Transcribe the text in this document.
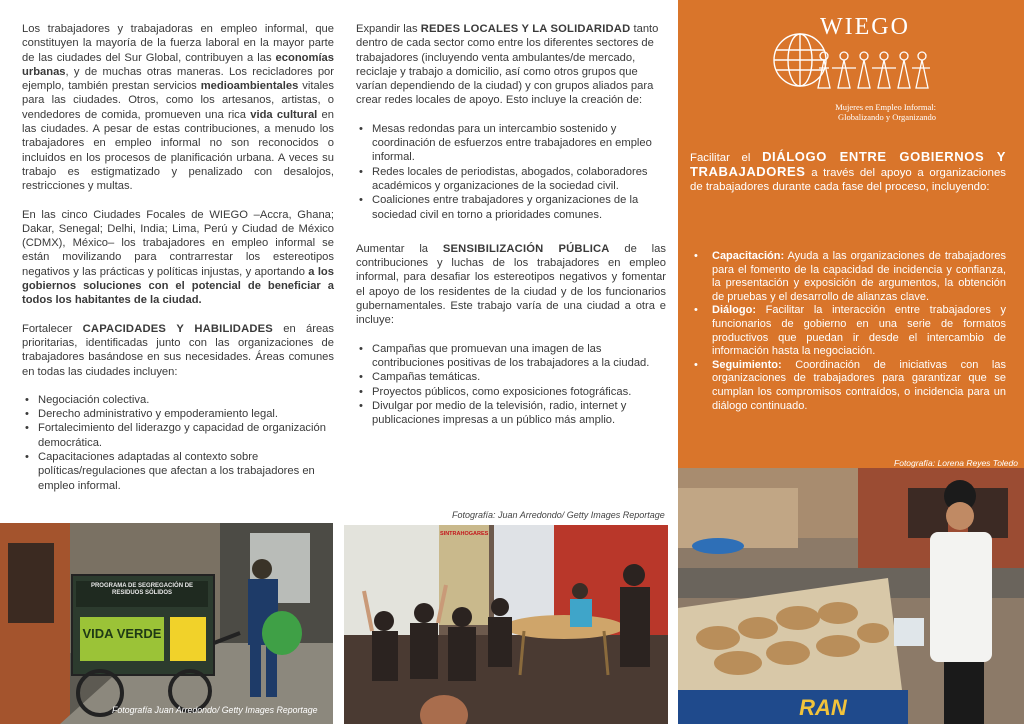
Los trabajadores y trabajadoras en empleo informal, que constituyen la mayoría de la fuerza laboral en la mayor parte de las ciudades del Sur Global, contribuyen a las economías urbanas, y de muchas otras maneras. Los recicladores por ejemplo, también prestan servicios medioambientales vitales para las ciudades. Otros, como los artesanos, artistas, o vendedores de comida, promueven una rica vida cultural en las ciudades. A pesar de estas contribuciones, a menudo los trabajadores en empleo informal no son reconocidos o incluidos en los procesos de planificación urbana. A veces su trabajo es estigmatizado y penalizado con desalojos, restricciones y multas.

En las cinco Ciudades Focales de WIEGO –Accra, Ghana; Dakar, Senegal; Delhi, India; Lima, Perú y Ciudad de México (CDMX), México– los trabajadores en empleo informal se están movilizando para contrarrestar los estereotipos negativos y las prácticas y políticas injustas, y aportando a los gobiernos soluciones con el potencial de beneficiar a todos los habitantes de la ciudad.

Fortalecer CAPACIDADES Y HABILIDADES en áreas prioritarias, identificadas junto con las organizaciones de trabajadores basándose en sus necesidades. Áreas comunes en todas las ciudades incluyen:

• Negociación colectiva.
• Derecho administrativo y empoderamiento legal.
• Fortalecimiento del liderazgo y capacidad de organización democrática.
• Capacitaciones adaptadas al contexto sobre políticas/regulaciones que afectan a los trabajadores en empleo informal.

Expandir las REDES LOCALES Y LA SOLIDARIDAD tanto dentro de cada sector como entre los diferentes sectores de trabajadores (incluyendo venta ambulantes/de mercado, reciclaje y trabajo a domicilio, así como otros grupos que varían dependiendo de la ciudad) y con grupos aliados para crear redes locales de apoyo. Esto incluye la creación de:

• Mesas redondas para un intercambio sostenido y coordinación de esfuerzos entre trabajadores en empleo informal.
• Redes locales de periodistas, abogados, colaboradores académicos y organizaciones de la sociedad civil.
• Coaliciones entre trabajadores y organizaciones de la sociedad civil en torno a prioridades comunes.

Aumentar la SENSIBILIZACIÓN PÚBLICA de las contribuciones y luchas de los trabajadores en empleo informal, para desafiar los estereotipos negativos y fomentar el apoyo de los residentes de la ciudad y de los funcionarios gubernamentales. Este trabajo varía de una ciudad a otra e incluye:

• Campañas que promuevan una imagen de las contribuciones positivas de los trabajadores a la ciudad.
• Campañas temáticas.
• Proyectos públicos, como exposiciones fotográficas.
• Divulgar por medio de la televisión, radio, internet y publicaciones impresas a un público más amplio.
Fotografía: Juan Arredondo/ Getty Images Reportage
WIEGO
Mujeres en Empleo Informal:
Globalizando y Organizando

Facilitar el DIÁLOGO ENTRE GOBIERNOS Y TRABAJADORES a través del apoyo a organizaciones de trabajadores durante cada fase del proceso, incluyendo:

• Capacitación: Ayuda a las organizaciones de trabajadores para el fomento de la capacidad de incidencia y confianza, la presentación y exposición de argumentos, la obtención de pruebas y el desarrollo de alianzas clave.
• Diálogo: Facilitar la interacción entre trabajadores y funcionarios de gobierno en una serie de formatos productivos que puedan ir desde el intercambio de información hasta la negociación.
• Seguimiento: Coordinación de iniciativas con las organizaciones de trabajadores para garantizar que se cumplan los compromisos contraídos, o incidencia para un diálogo continuado.
Fotografía: Lorena Reyes Toledo
PROGRAMA DE SEGREGACIÓN DE RESIDUOS SÓLIDOS
VIDA VERDE
Fotografía Juan Arredondo/ Getty Images Reportage
SINTRAHOGARES
RAN
